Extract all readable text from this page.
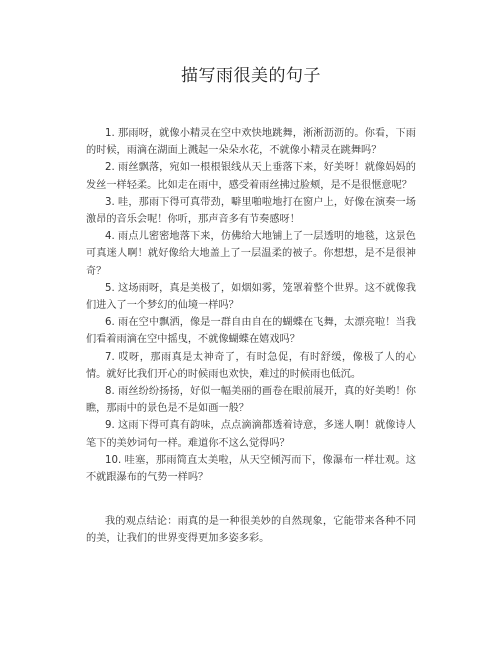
描写雨很美的句子

1. 那雨呀，就像小精灵在空中欢快地跳舞，淅淅沥沥的。你看，下雨的时候，雨滴在湖面上溅起一朵朵水花，不就像小精灵在跳舞吗？

2. 雨丝飘落，宛如一根根银线从天上垂落下来，好美呀！就像妈妈的发丝一样轻柔。比如走在雨中，感受着雨丝拂过脸颊，是不是很惬意呢？

3. 哇，那雨下得可真带劲，噼里啪啦地打在窗户上，好像在演奏一场激昂的音乐会呢！你听，那声音多有节奏感呀！

4. 雨点儿密密地落下来，仿佛给大地铺上了一层透明的地毯，这景色可真迷人啊！就好像给大地盖上了一层温柔的被子。你想想，是不是很神奇？

5. 这场雨呀，真是美极了，如烟如雾，笼罩着整个世界。这不就像我们进入了一个梦幻的仙境一样吗？

6. 雨在空中飘洒，像是一群自由自在的蝴蝶在飞舞，太漂亮啦！当我们看着雨滴在空中摇曳，不就像蝴蝶在嬉戏吗？

7. 哎呀，那雨真是太神奇了，有时急促，有时舒缓，像极了人的心情。就好比我们开心的时候雨也欢快，难过的时候雨也低沉。

8. 雨丝纷纷扬扬，好似一幅美丽的画卷在眼前展开，真的好美哟！你瞧，那雨中的景色是不是如画一般？

9. 这雨下得可真有韵味，点点滴滴都透着诗意，多迷人啊！就像诗人笔下的美妙词句一样。难道你不这么觉得吗？

10. 哇塞，那雨简直太美啦，从天空倾泻而下，像瀑布一样壮观。这不就跟瀑布的气势一样吗？

我的观点结论：雨真的是一种很美妙的自然现象，它能带来各种不同的美，让我们的世界变得更加多姿多彩。
